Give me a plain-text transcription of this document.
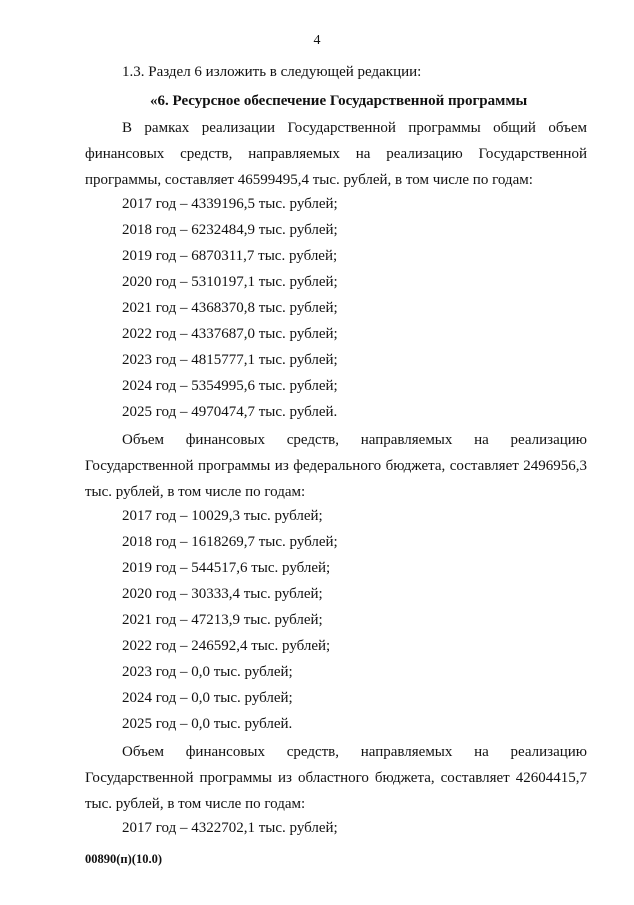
4
1.3. Раздел 6 изложить в следующей редакции:
«6. Ресурсное обеспечение Государственной программы
В рамках реализации Государственной программы общий объем
финансовых средств, направляемых на реализацию Государственной
программы, составляет 46599495,4 тыс. рублей, в том числе по годам:
2017 год – 4339196,5 тыс. рублей;
2018 год – 6232484,9 тыс. рублей;
2019 год – 6870311,7 тыс. рублей;
2020 год – 5310197,1 тыс. рублей;
2021 год – 4368370,8 тыс. рублей;
2022 год – 4337687,0 тыс. рублей;
2023 год – 4815777,1 тыс. рублей;
2024 год – 5354995,6 тыс. рублей;
2025 год – 4970474,7 тыс. рублей.
Объем финансовых средств, направляемых на реализацию
Государственной программы из федерального бюджета, составляет 2496956,3
тыс. рублей, в том числе по годам:
2017 год – 10029,3 тыс. рублей;
2018 год – 1618269,7 тыс. рублей;
2019 год – 544517,6 тыс. рублей;
2020 год – 30333,4 тыс. рублей;
2021 год – 47213,9 тыс. рублей;
2022 год – 246592,4 тыс. рублей;
2023 год – 0,0 тыс. рублей;
2024 год – 0,0 тыс. рублей;
2025 год – 0,0 тыс. рублей.
Объем финансовых средств, направляемых на реализацию
Государственной программы из областного бюджета, составляет 42604415,7
тыс. рублей, в том числе по годам:
2017 год – 4322702,1 тыс. рублей;
00890(п)(10.0)
